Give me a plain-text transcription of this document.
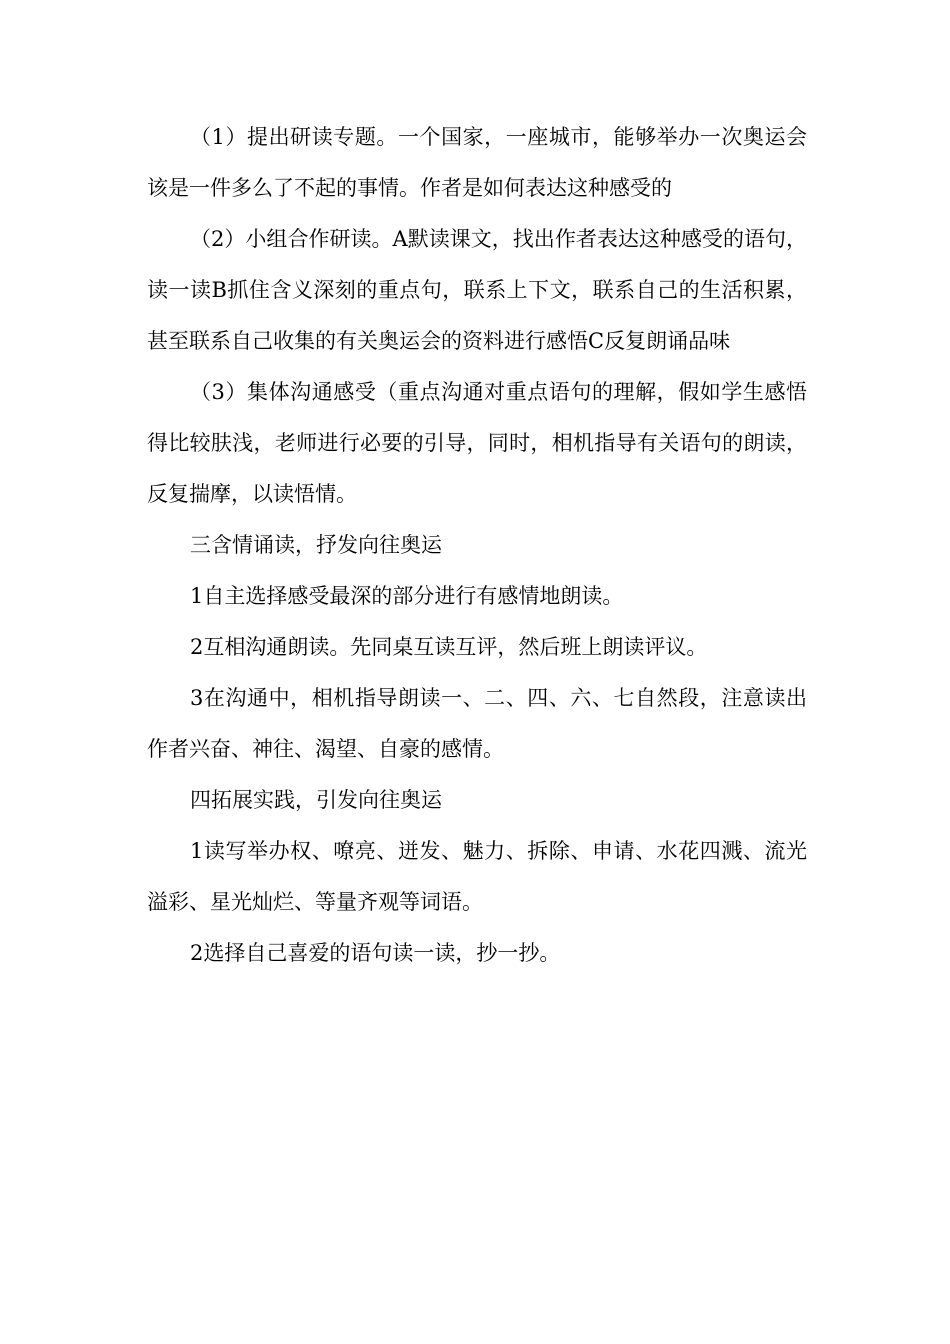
（1）提出研读专题。一个国家，一座城市，能够举办一次奥运会该是一件多么了不起的事情。作者是如何表达这种感受的

（2）小组合作研读。A默读课文，找出作者表达这种感受的语句，读一读B抓住含义深刻的重点句，联系上下文，联系自己的生活积累，甚至联系自己收集的有关奥运会的资料进行感悟C反复朗诵品味

（3）集体沟通感受（重点沟通对重点语句的理解，假如学生感悟得比较肤浅，老师进行必要的引导，同时，相机指导有关语句的朗读，反复揣摩，以读悟情。

三含情诵读，抒发向往奥运

1自主选择感受最深的部分进行有感情地朗读。

2互相沟通朗读。先同桌互读互评，然后班上朗读评议。

3在沟通中，相机指导朗读一、二、四、六、七自然段，注意读出作者兴奋、神往、渴望、自豪的感情。

四拓展实践，引发向往奥运

1读写举办权、嘹亮、迸发、魅力、拆除、申请、水花四溅、流光溢彩、星光灿烂、等量齐观等词语。

2选择自己喜爱的语句读一读，抄一抄。
